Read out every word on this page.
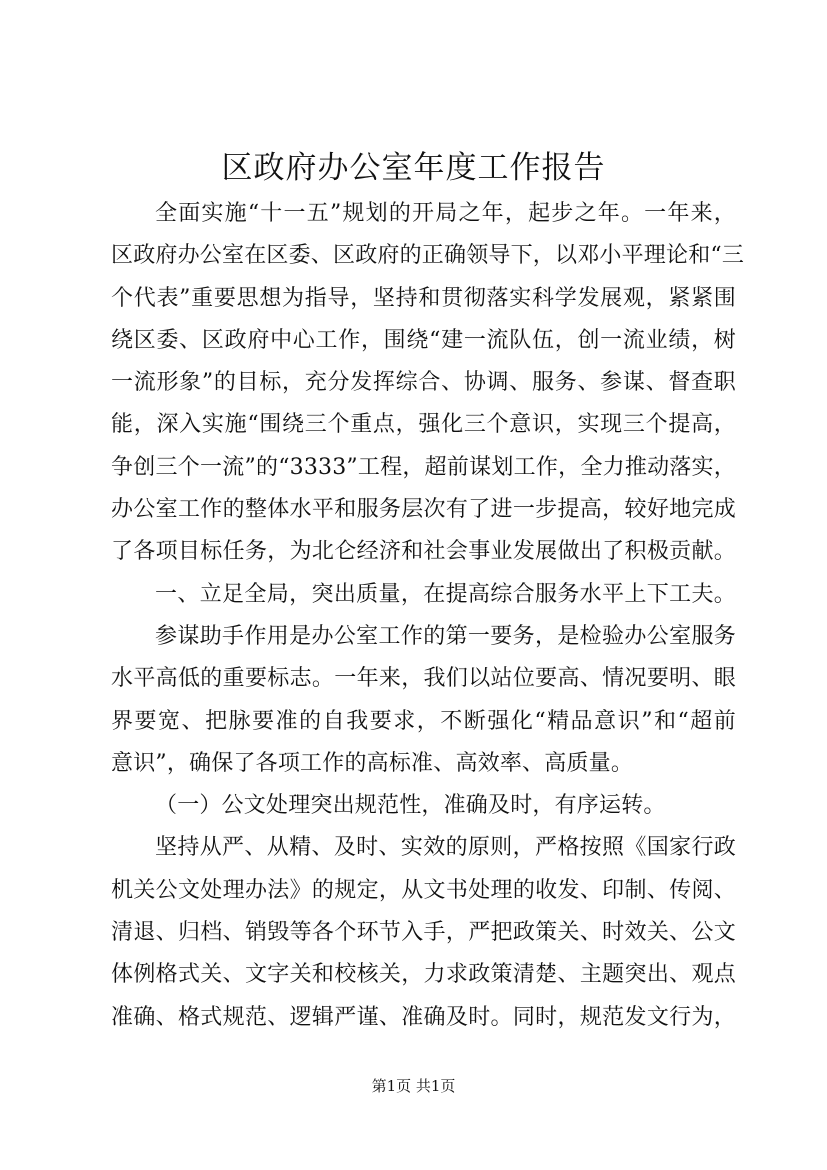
区政府办公室年度工作报告
全面实施“十一五”规划的开局之年，起步之年。一年来，
区政府办公室在区委、区政府的正确领导下，以邓小平理论和“三
个代表”重要思想为指导，坚持和贯彻落实科学发展观，紧紧围
绕区委、区政府中心工作，围绕“建一流队伍，创一流业绩，树
一流形象”的目标，充分发挥综合、协调、服务、参谋、督查职
能，深入实施“围绕三个重点，强化三个意识，实现三个提高，
争创三个一流”的“3333”工程，超前谋划工作，全力推动落实，
办公室工作的整体水平和服务层次有了进一步提高，较好地完成
了各项目标任务，为北仑经济和社会事业发展做出了积极贡献。
一、立足全局，突出质量，在提高综合服务水平上下工夫。
参谋助手作用是办公室工作的第一要务，是检验办公室服务
水平高低的重要标志。一年来，我们以站位要高、情况要明、眼
界要宽、把脉要准的自我要求，不断强化“精品意识”和“超前
意识”，确保了各项工作的高标准、高效率、高质量。
（一）公文处理突出规范性，准确及时，有序运转。
坚持从严、从精、及时、实效的原则，严格按照《国家行政
机关公文处理办法》的规定，从文书处理的收发、印制、传阅、
清退、归档、销毁等各个环节入手，严把政策关、时效关、公文
体例格式关、文字关和校核关，力求政策清楚、主题突出、观点
准确、格式规范、逻辑严谨、准确及时。同时，规范发文行为，
第1页 共1页
